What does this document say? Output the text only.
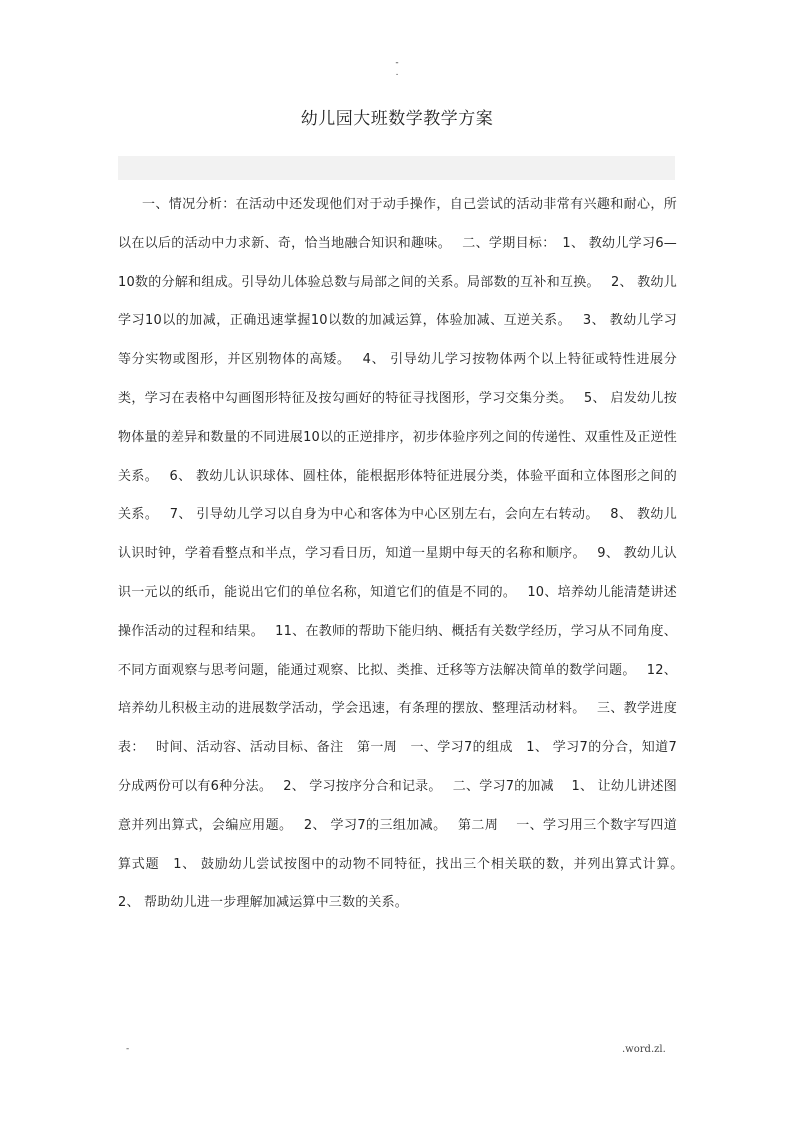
-
.
幼儿园大班数学教学方案

一、情况分析：在活动中还发现他们对于动手操作，自己尝试的活动非常有兴趣和耐心，所以在以后的活动中力求新、奇，恰当地融合知识和趣味。　 二、学期目标：　1、 教幼儿学习6—10数的分解和组成。引导幼儿体验总数与局部之间的关系。局部数的互补和互换。　 2、 教幼儿学习10以的加减，正确迅速掌握10以数的加减运算，体验加减、互逆关系。　 3、 教幼儿学习等分实物或图形，并区别物体的高矮。　 4、 引导幼儿学习按物体两个以上特征或特性进展分类，学习在表格中勾画图形特征及按勾画好的特征寻找图形，学习交集分类。　 5、 启发幼儿按物体量的差异和数量的不同进展10以的正逆排序，初步体验序列之间的传递性、双重性及正逆性关系。　 6、 教幼儿认识球体、圆柱体，能根据形体特征进展分类，体验平面和立体图形之间的关系。　 7、 引导幼儿学习以自身为中心和客体为中心区别左右，会向左右转动。　 8、 教幼儿认识时钟，学着看整点和半点，学习看日历，知道一星期中每天的名称和顺序。　 9、 教幼儿认识一元以的纸币，能说出它们的单位名称，知道它们的值是不同的。　 10、培养幼儿能清楚讲述操作活动的过程和结果。　 11、在教师的帮助下能归纳、概括有关数学经历，学习从不同角度、不同方面观察与思考问题，能通过观察、比拟、类推、迁移等方法解决简单的数学问题。　 12、培养幼儿积极主动的进展数学活动，学会迅速，有条理的摆放、整理活动材料。　 三、教学进度表：　 时间、活动容、活动目标、备注　第一周　一、学习7的组成　1、 学习7的分合，知道7分成两份可以有6种分法。　 2、 学习按序分合和记录。　 二、学习7的加减　 1、 让幼儿讲述图意并列出算式，会编应用题。　 2、 学习7的三组加减。　 第二周　 一、学习用三个数字写四道算式题　1、 鼓励幼儿尝试按图中的动物不同特征，找出三个相关联的数，并列出算式计算。　 2、 帮助幼儿进一步理解加减运算中三数的关系。

-	.word.zl.
